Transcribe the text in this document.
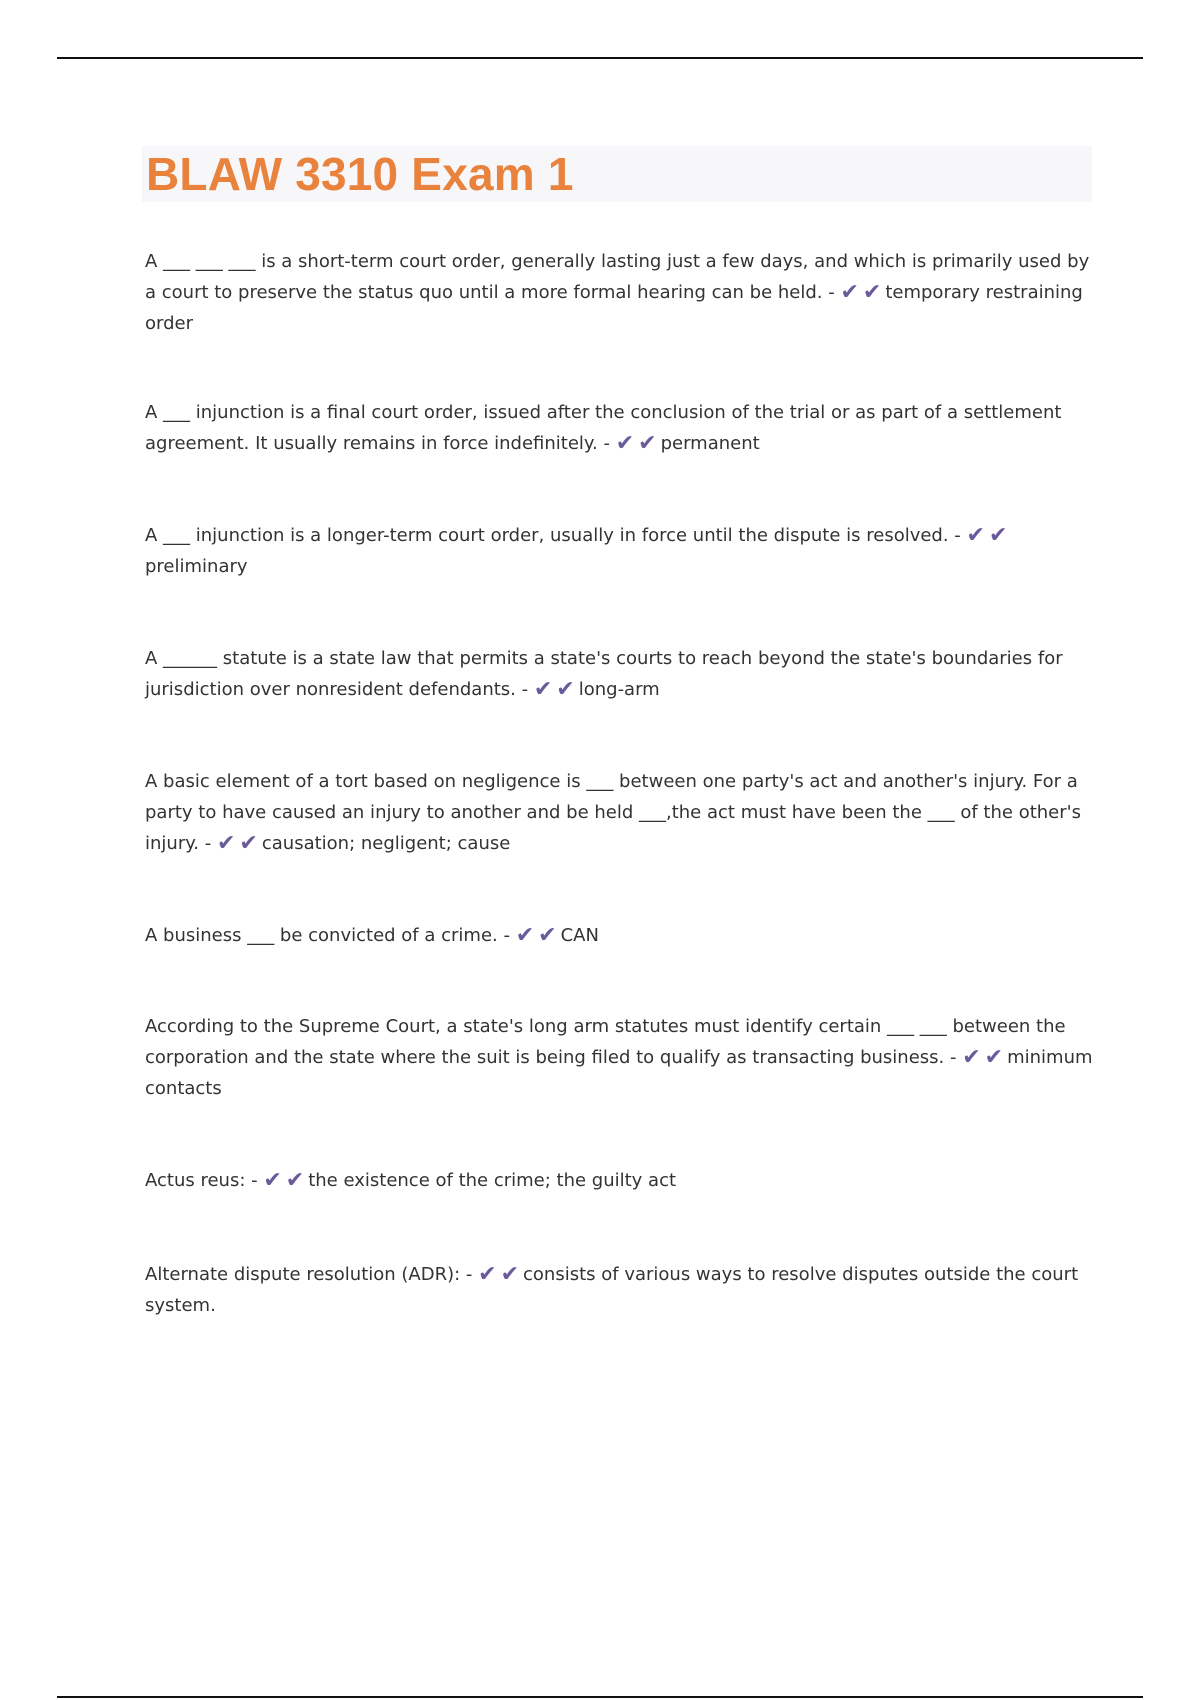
BLAW 3310 Exam 1

A ___ ___ ___ is a short-term court order, generally lasting just a few days, and which is primarily used by a court to preserve the status quo until a more formal hearing can be held. - ✔ ✔ temporary restraining order

A ___ injunction is a final court order, issued after the conclusion of the trial or as part of a settlement agreement. It usually remains in force indefinitely. - ✔ ✔ permanent

A ___ injunction is a longer-term court order, usually in force until the dispute is resolved. - ✔ ✔preliminary

A ______ statute is a state law that permits a state's courts to reach beyond the state's boundaries for jurisdiction over nonresident defendants. - ✔ ✔ long-arm

A basic element of a tort based on negligence is ___ between one party's act and another's injury. For a party to have caused an injury to another and be held ___,the act must have been the ___ of the other's injury. - ✔ ✔ causation; negligent; cause

A business ___ be convicted of a crime. - ✔ ✔ CAN

According to the Supreme Court, a state's long arm statutes must identify certain ___ ___ between the corporation and the state where the suit is being filed to qualify as transacting business. - ✔ ✔ minimum contacts

Actus reus: - ✔ ✔ the existence of the crime; the guilty act

Alternate dispute resolution (ADR): - ✔ ✔ consists of various ways to resolve disputes outside the court system.
